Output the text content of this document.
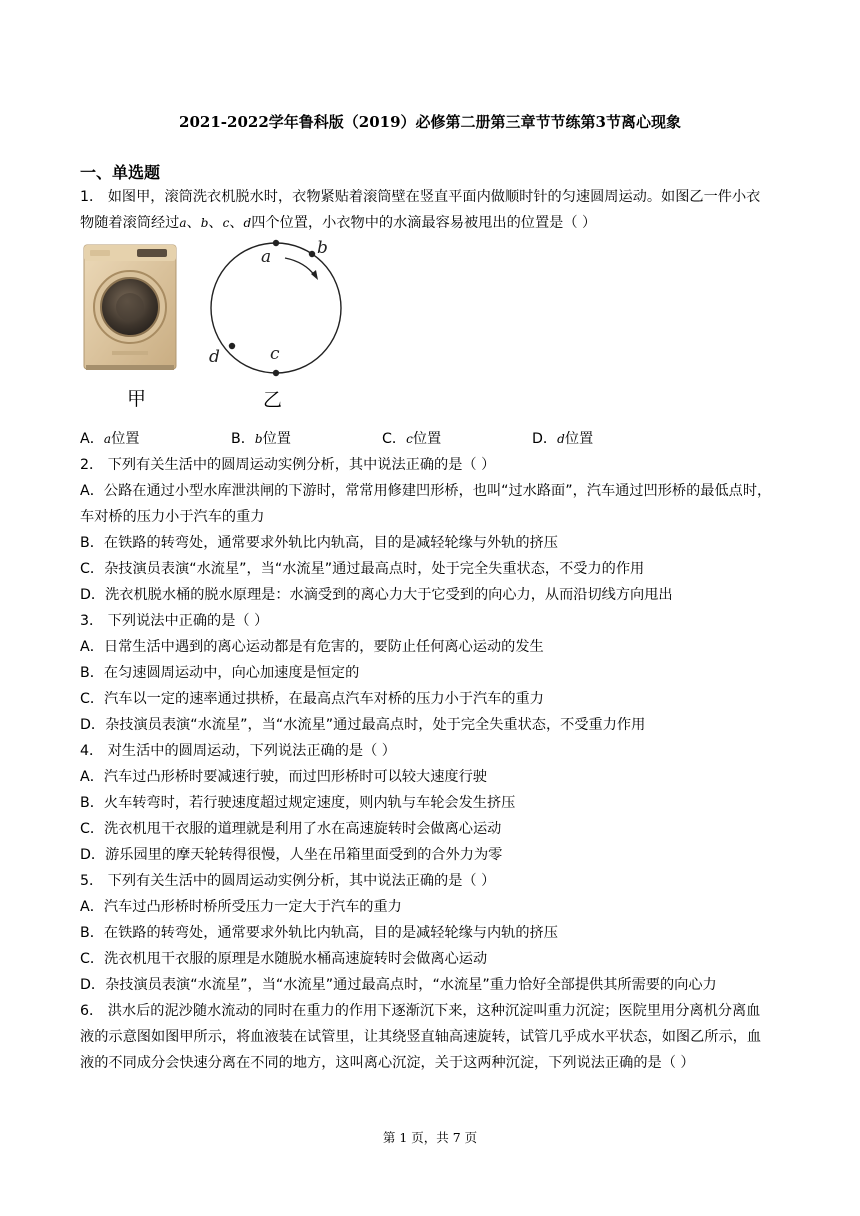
2021-2022学年鲁科版（2019）必修第二册第三章节节练第3节离心现象
一、单选题
1． 如图甲，滚筒洗衣机脱水时，衣物紧贴着滚筒壁在竖直平面内做顺时针的匀速圆周运动。如图乙一件小衣
物随着滚筒经过a、b、c、d四个位置，小衣物中的水滴最容易被甩出的位置是（ ）
a	b
c
d
甲	乙
A．a位置	B．b位置	C．c位置	D．d位置
2． 下列有关生活中的圆周运动实例分析，其中说法正确的是（ ）
A．公路在通过小型水库泄洪闸的下游时，常常用修建凹形桥，也叫“过水路面”，汽车通过凹形桥的最低点时，
车对桥的压力小于汽车的重力
B．在铁路的转弯处，通常要求外轨比内轨高，目的是减轻轮缘与外轨的挤压
C．杂技演员表演“水流星”，当“水流星”通过最高点时，处于完全失重状态，不受力的作用
D．洗衣机脱水桶的脱水原理是：水滴受到的离心力大于它受到的向心力，从而沿切线方向甩出
3． 下列说法中正确的是（ ）
A．日常生活中遇到的离心运动都是有危害的，要防止任何离心运动的发生
B．在匀速圆周运动中，向心加速度是恒定的
C．汽车以一定的速率通过拱桥，在最高点汽车对桥的压力小于汽车的重力
D．杂技演员表演“水流星”，当“水流星”通过最高点时，处于完全失重状态，不受重力作用
4． 对生活中的圆周运动，下列说法正确的是（ ）
A．汽车过凸形桥时要减速行驶，而过凹形桥时可以较大速度行驶
B．火车转弯时，若行驶速度超过规定速度，则内轨与车轮会发生挤压
C．洗衣机甩干衣服的道理就是利用了水在高速旋转时会做离心运动
D．游乐园里的摩天轮转得很慢，人坐在吊箱里面受到的合外力为零
5． 下列有关生活中的圆周运动实例分析，其中说法正确的是（ ）
A．汽车过凸形桥时桥所受压力一定大于汽车的重力
B．在铁路的转弯处，通常要求外轨比内轨高，目的是减轻轮缘与内轨的挤压
C．洗衣机甩干衣服的原理是水随脱水桶高速旋转时会做离心运动
D．杂技演员表演“水流星”，当“水流星”通过最高点时，“水流星”重力恰好全部提供其所需要的向心力
6． 洪水后的泥沙随水流动的同时在重力的作用下逐渐沉下来，这种沉淀叫重力沉淀；医院里用分离机分离血
液的示意图如图甲所示，将血液装在试管里，让其绕竖直轴高速旋转，试管几乎成水平状态，如图乙所示，血
液的不同成分会快速分离在不同的地方，这叫离心沉淀，关于这两种沉淀，下列说法正确的是（ ）
第 1 页，共 7 页
